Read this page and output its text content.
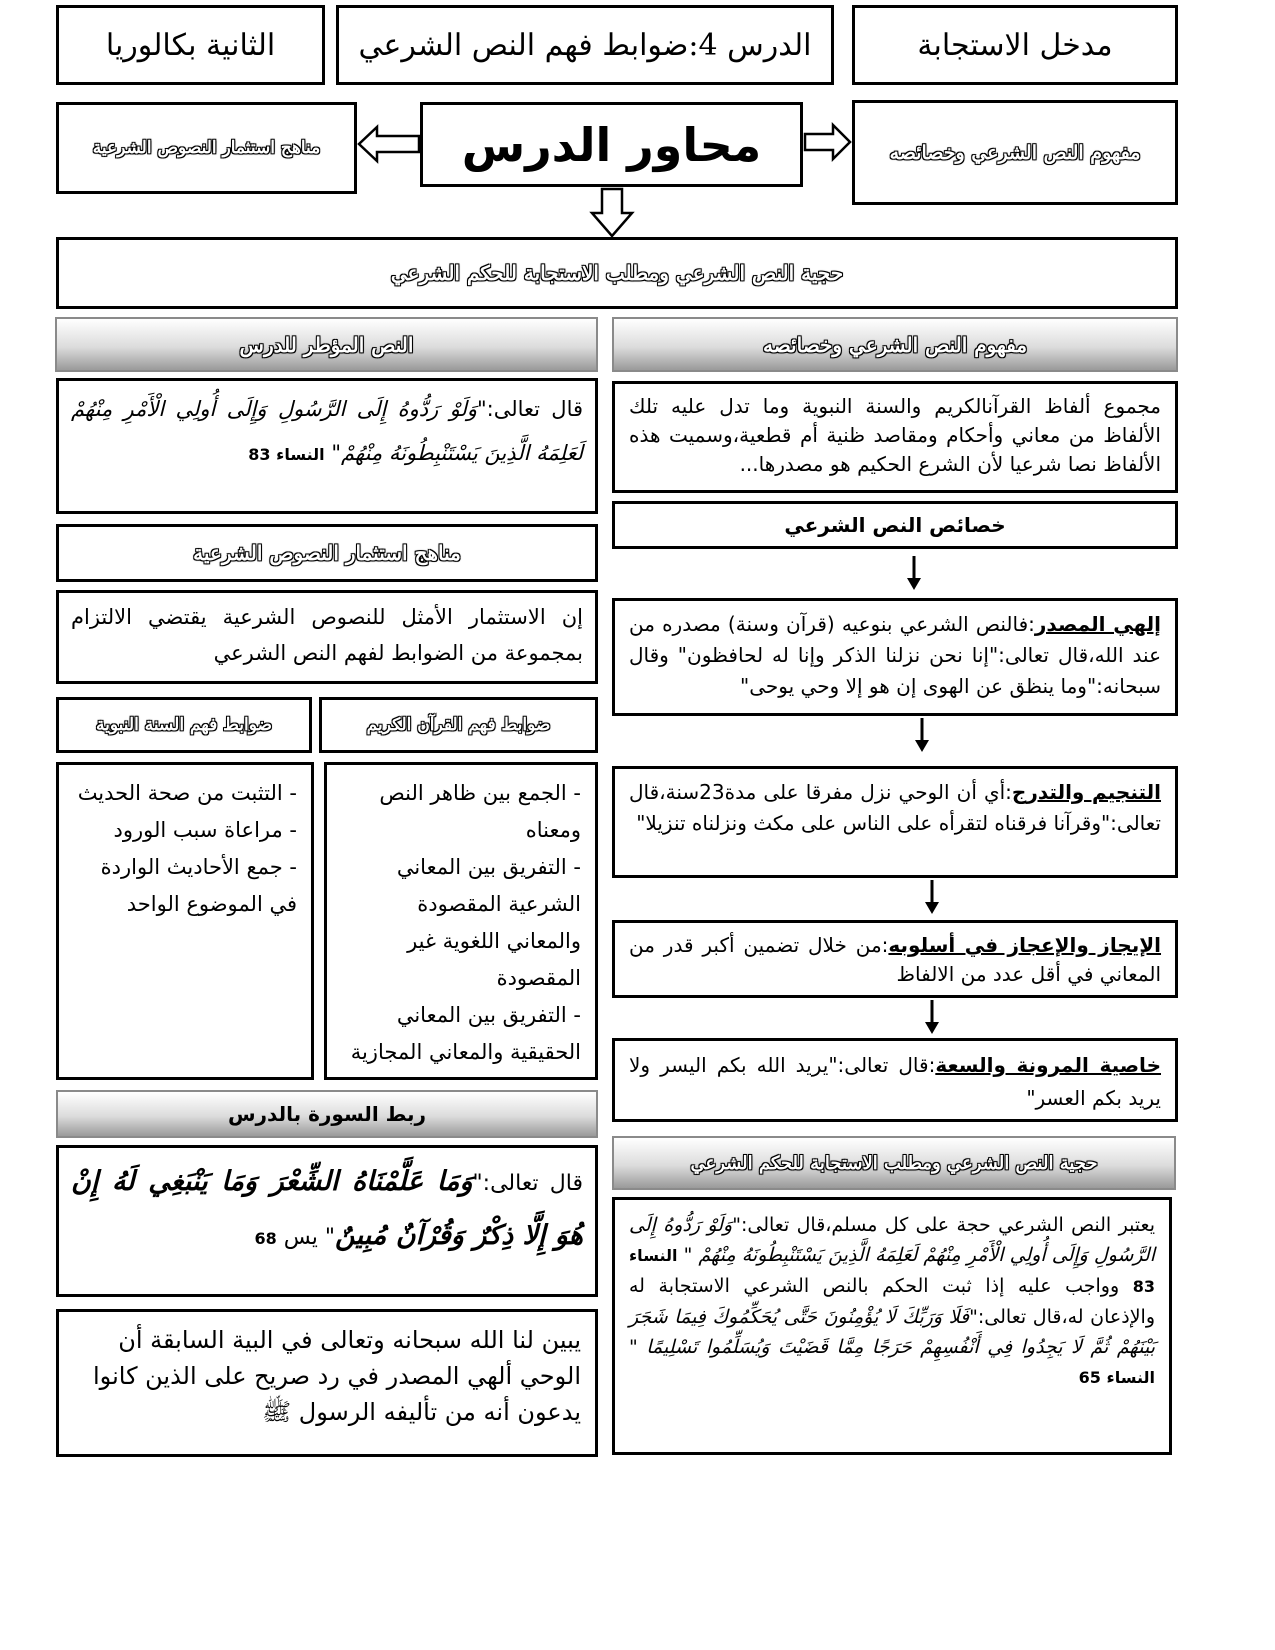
مدخل الاستجابة
الدرس 4:ضوابط فهم النص الشرعي
الثانية بكالوريا
مفهوم النص الشرعي وخصائصه
محاور الدرس
مناهج استثمار النصوص الشرعية
حجية النص الشرعي ومطلب الاستجابة للحكم الشرعي
النص المؤطر للدرس
قال تعالى:"وَلَوْ رَدُّوهُ إِلَى الرَّسُولِ وَإِلَى أُولِي الْأَمْرِ مِنْهُمْ لَعَلِمَهُ الَّذِينَ يَسْتَنْبِطُونَهُ مِنْهُمْ" النساء 83
مناهج استثمار النصوص الشرعية
إن الاستثمار الأمثل للنصوص الشرعية يقتضي الالتزام بمجموعة من الضوابط لفهم النص الشرعي
ضوابط فهم القرآن الكريم
ضوابط فهم السنة النبوية
- الجمع بين ظاهر النص ومعناه
- التفريق بين المعاني الشرعية المقصودة والمعاني اللغوية غير المقصودة
- التفريق بين المعاني الحقيقية والمعاني المجازية
- التثبت من صحة الحديث
- مراعاة سبب الورود
- جمع الأحاديث الواردة في الموضوع الواحد
ربط السورة بالدرس
قال تعالى:"وَمَا عَلَّمْنَاهُ الشِّعْرَ وَمَا يَنْبَغِي لَهُ إِنْ هُوَ إِلَّا ذِكْرٌ وَقُرْآنٌ مُبِينٌ" يس 68
يبين لنا الله سبحانه وتعالى في البية السابقة أن الوحي ألهي المصدر في رد صريح على الذين كانوا يدعون أنه من تأليفه الرسول ﷺ
مفهوم النص الشرعي وخصائصه
مجموع ألفاظ القرآنالكريم والسنة النبوية وما تدل عليه تلك الألفاظ من معاني وأحكام ومقاصد ظنية أم قطعية،وسميت هذه الألفاظ نصا شرعيا لأن الشرع الحكيم هو مصدرها...
خصائص النص الشرعي
إلهي المصدر:فالنص الشرعي بنوعيه (قرآن وسنة) مصدره من عند الله،قال تعالى:"إنا نحن نزلنا الذكر وإنا له لحافظون" وقال سبحانه:"وما ينظق عن الهوى إن هو إلا وحي يوحى"
التنجيم والتدرج:أي أن الوحي نزل مفرقا على مدة23سنة،قال تعالى:"وقرآنا فرقناه لتقرأه على الناس على مكث ونزلناه تنزيلا"
الإيجاز والإعجاز في أسلوبه:من خلال تضمين أكبر قدر من المعاني في أقل عدد من الالفاظ
خاصية المرونة والسعة:قال تعالى:"يريد الله بكم اليسر ولا يريد بكم العسر"
حجية النص الشرعي ومطلب الاستجابة للحكم الشرعي
يعتبر النص الشرعي حجة على كل مسلم،قال تعالى:"وَلَوْ رَدُّوهُ إِلَى الرَّسُولِ وَإِلَى أُولِي الْأَمْرِ مِنْهُمْ لَعَلِمَهُ الَّذِينَ يَسْتَنْبِطُونَهُ مِنْهُمْ " النساء 83 وواجب عليه إذا ثبت الحكم بالنص الشرعي الاستجابة له والإذعان له،قال تعالى:"فَلَا وَرَبِّكَ لَا يُؤْمِنُونَ حَتَّى يُحَكِّمُوكَ فِيمَا شَجَرَ بَيْنَهُمْ ثُمَّ لَا يَجِدُوا فِي أَنْفُسِهِمْ حَرَجًا مِمَّا قَضَيْتَ وَيُسَلِّمُوا تَسْلِيمًا " النساء 65
